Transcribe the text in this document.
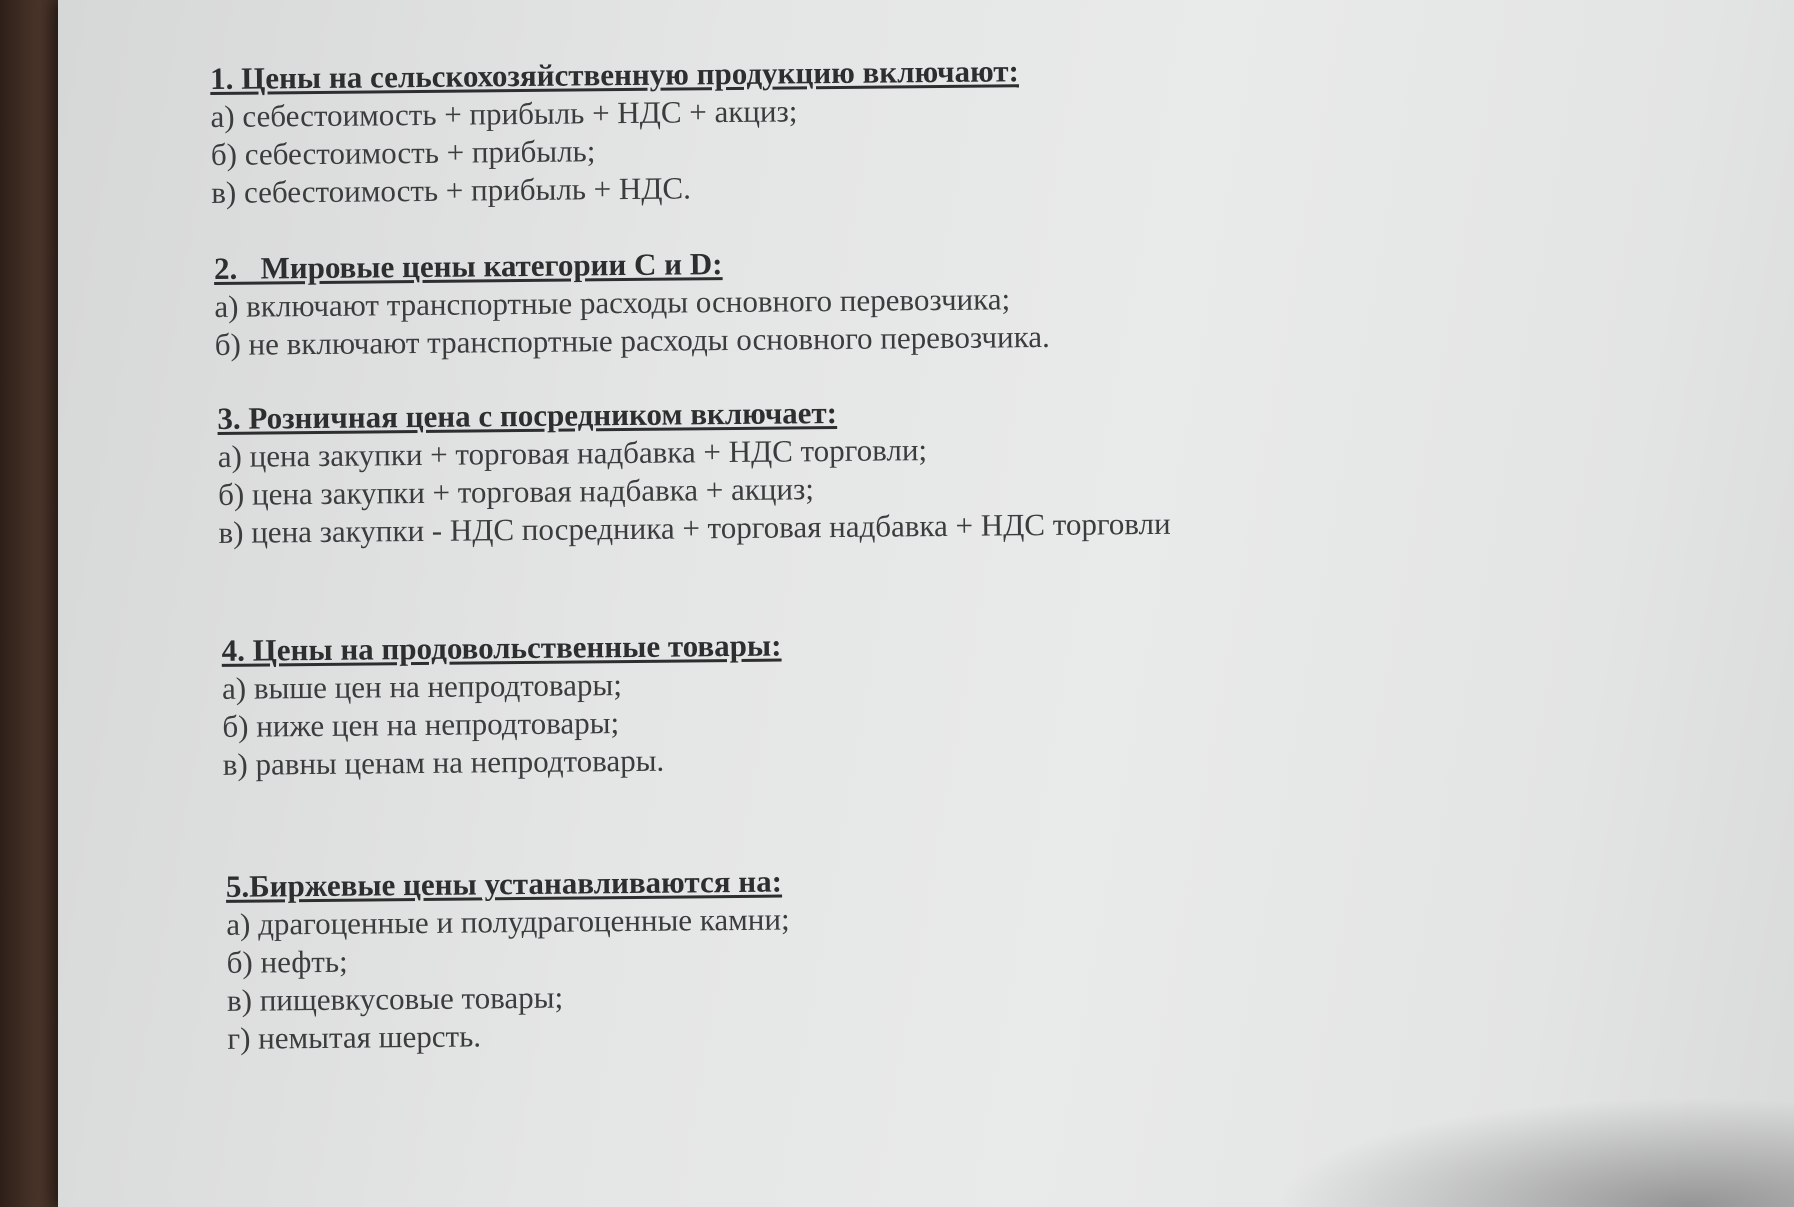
1. Цены на сельскохозяйственную продукцию включают:
а) себестоимость + прибыль + НДС + акциз;
б) себестоимость + прибыль;
в) себестоимость + прибыль + НДС.
2.   Мировые цены категории C и D:
а) включают транспортные расходы основного перевозчика;
б) не включают транспортные расходы основного перевозчика.
3. Розничная цена с посредником включает:
а) цена закупки + торговая надбавка + НДС торговли;
б) цена закупки + торговая надбавка + акциз;
в) цена закупки - НДС посредника + торговая надбавка + НДС торговли
4. Цены на продовольственные товары:
а) выше цен на непродтовары;
б) ниже цен на непродтовары;
в) равны ценам на непродтовары.
5.Биржевые цены устанавливаются на:
а) драгоценные и полудрагоценные камни;
б) нефть;
в) пищевкусовые товары;
г) немытая шерсть.
